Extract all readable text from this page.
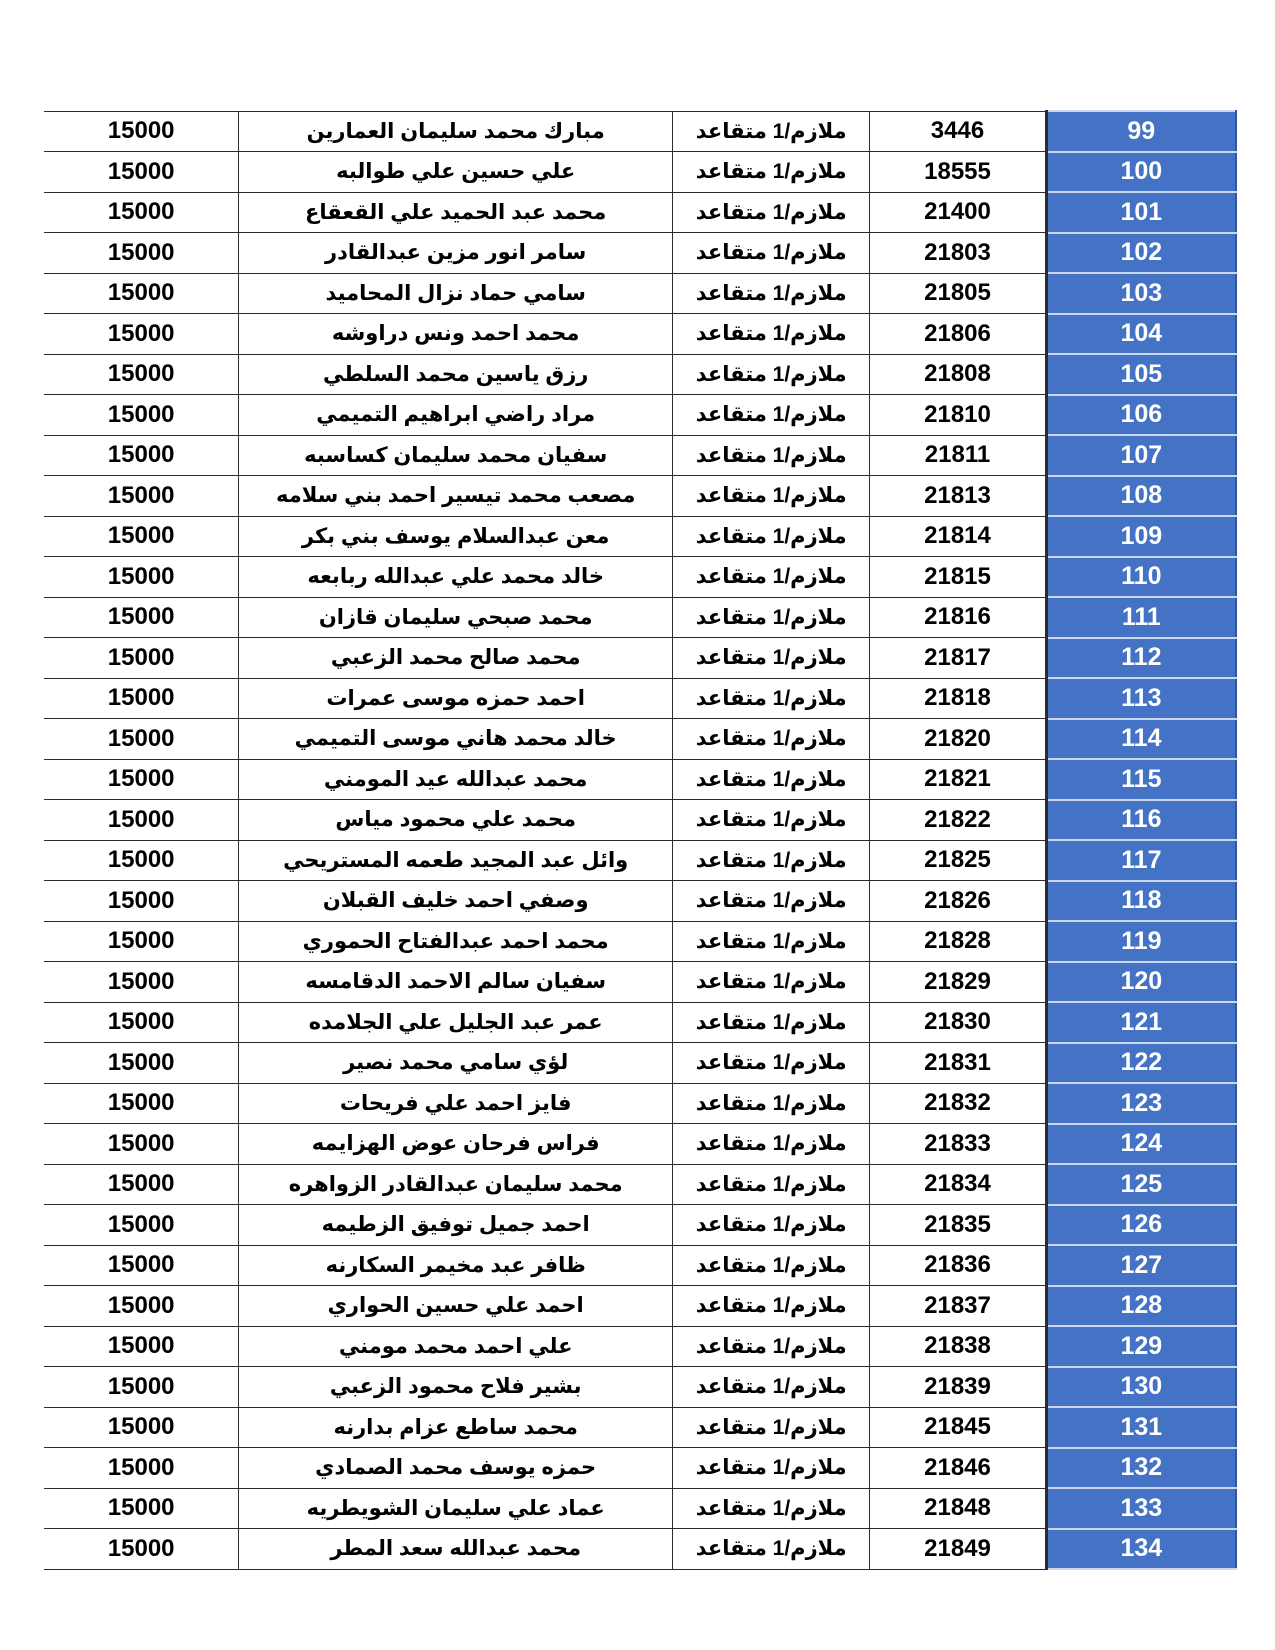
15000	مبارك محمد سليمان العمارين	ملازم/1 متقاعد	3446	99
15000	علي حسين علي طوالبه	ملازم/1 متقاعد	18555	100
15000	محمد عبد الحميد علي القعقاع	ملازم/1 متقاعد	21400	101
15000	سامر انور مزين عبدالقادر	ملازم/1 متقاعد	21803	102
15000	سامي حماد نزال المحاميد	ملازم/1 متقاعد	21805	103
15000	محمد احمد ونس دراوشه	ملازم/1 متقاعد	21806	104
15000	رزق ياسين محمد السلطي	ملازم/1 متقاعد	21808	105
15000	مراد راضي ابراهيم التميمي	ملازم/1 متقاعد	21810	106
15000	سفيان محمد سليمان كساسبه	ملازم/1 متقاعد	21811	107
15000	مصعب محمد تيسير احمد بني سلامه	ملازم/1 متقاعد	21813	108
15000	معن عبدالسلام يوسف بني بكر	ملازم/1 متقاعد	21814	109
15000	خالد محمد علي عبدالله ربابعه	ملازم/1 متقاعد	21815	110
15000	محمد صبحي سليمان قازان	ملازم/1 متقاعد	21816	111
15000	محمد صالح محمد الزعبي	ملازم/1 متقاعد	21817	112
15000	احمد حمزه موسى عمرات	ملازم/1 متقاعد	21818	113
15000	خالد محمد هاني موسى التميمي	ملازم/1 متقاعد	21820	114
15000	محمد عبدالله عيد المومني	ملازم/1 متقاعد	21821	115
15000	محمد علي محمود مياس	ملازم/1 متقاعد	21822	116
15000	وائل عبد المجيد طعمه المستريحي	ملازم/1 متقاعد	21825	117
15000	وصفي احمد خليف القبلان	ملازم/1 متقاعد	21826	118
15000	محمد احمد عبدالفتاح الحموري	ملازم/1 متقاعد	21828	119
15000	سفيان سالم الاحمد الدقامسه	ملازم/1 متقاعد	21829	120
15000	عمر عبد الجليل علي الجلامده	ملازم/1 متقاعد	21830	121
15000	لؤي سامي محمد نصير	ملازم/1 متقاعد	21831	122
15000	فايز احمد علي فريحات	ملازم/1 متقاعد	21832	123
15000	فراس فرحان عوض الهزايمه	ملازم/1 متقاعد	21833	124
15000	محمد سليمان عبدالقادر الزواهره	ملازم/1 متقاعد	21834	125
15000	احمد جميل توفيق الزطيمه	ملازم/1 متقاعد	21835	126
15000	ظافر عبد مخيمر السكارنه	ملازم/1 متقاعد	21836	127
15000	احمد علي حسين الحواري	ملازم/1 متقاعد	21837	128
15000	علي احمد محمد مومني	ملازم/1 متقاعد	21838	129
15000	بشير فلاح محمود الزعبي	ملازم/1 متقاعد	21839	130
15000	محمد ساطع عزام بدارنه	ملازم/1 متقاعد	21845	131
15000	حمزه يوسف محمد الصمادي	ملازم/1 متقاعد	21846	132
15000	عماد علي سليمان الشويطريه	ملازم/1 متقاعد	21848	133
15000	محمد عبدالله سعد المطر	ملازم/1 متقاعد	21849	134
